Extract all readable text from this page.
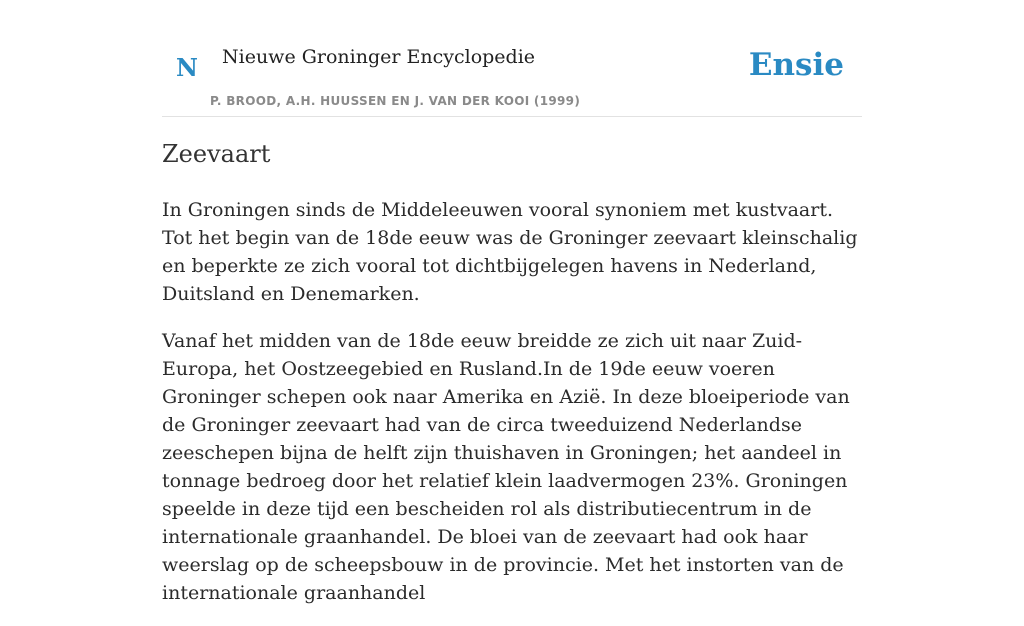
N Nieuwe Groninger Encyclopedie
P. BROOD, A.H. HUUSSEN EN J. VAN DER KOOI (1999)
Ensie
Zeevaart

In Groningen sinds de Middeleeuwen vooral synoniem met kustvaart. Tot het begin van de 18de eeuw was de Groninger zeevaart kleinschalig en beperkte ze zich vooral tot dichtbijgelegen havens in Nederland, Duitsland en Denemarken.

Vanaf het midden van de 18de eeuw breidde ze zich uit naar Zuid-Europa, het Oostzeegebied en Rusland.In de 19de eeuw voeren Groninger schepen ook naar Amerika en Azië. In deze bloeiperiode van de Groninger zeevaart had van de circa tweeduizend Nederlandse zeeschepen bijna de helft zijn thuishaven in Groningen; het aandeel in tonnage bedroeg door het relatief klein laadvermogen 23%. Groningen speelde in deze tijd een bescheiden rol als distributiecentrum in de internationale graanhandel. De bloei van de zeevaart had ook haar weerslag op de scheepsbouw in de provincie. Met het instorten van de internationale graanhandel
